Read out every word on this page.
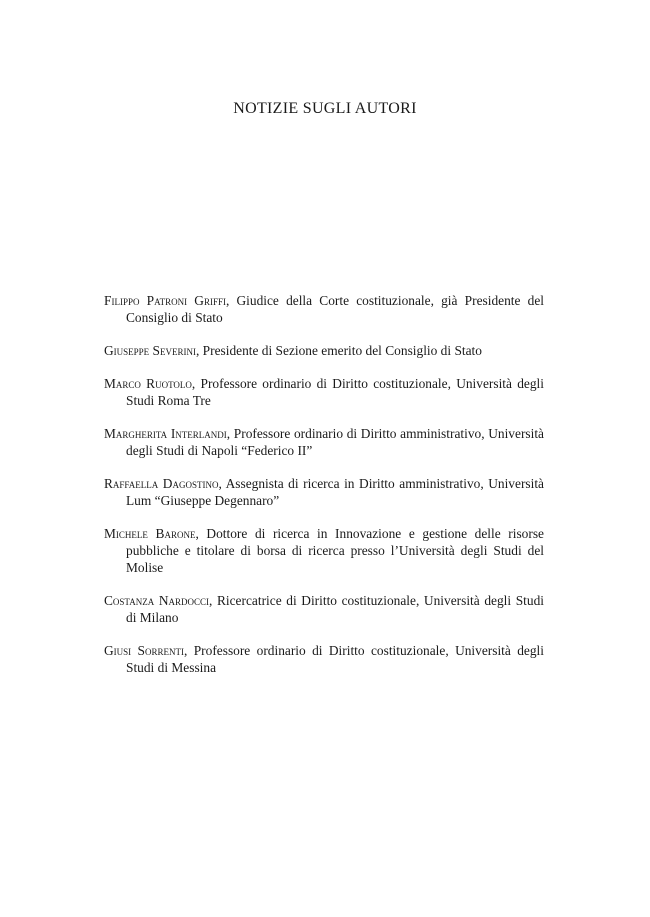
NOTIZIE SUGLI AUTORI
Filippo Patroni Griffi, Giudice della Corte costituzionale, già Presidente del Consiglio di Stato
Giuseppe Severini, Presidente di Sezione emerito del Consiglio di Stato
Marco Ruotolo, Professore ordinario di Diritto costituzionale, Università degli Studi Roma Tre
Margherita Interlandi, Professore ordinario di Diritto amministrativo, Università degli Studi di Napoli “Federico II”
Raffaella Dagostino, Assegnista di ricerca in Diritto amministrativo, Università Lum “Giuseppe Degennaro”
Michele Barone, Dottore di ricerca in Innovazione e gestione delle risorse pubbliche e titolare di borsa di ricerca presso l’Università degli Studi del Molise
Costanza Nardocci, Ricercatrice di Diritto costituzionale, Università degli Studi di Milano
Giusi Sorrenti, Professore ordinario di Diritto costituzionale, Università degli Studi di Messina
